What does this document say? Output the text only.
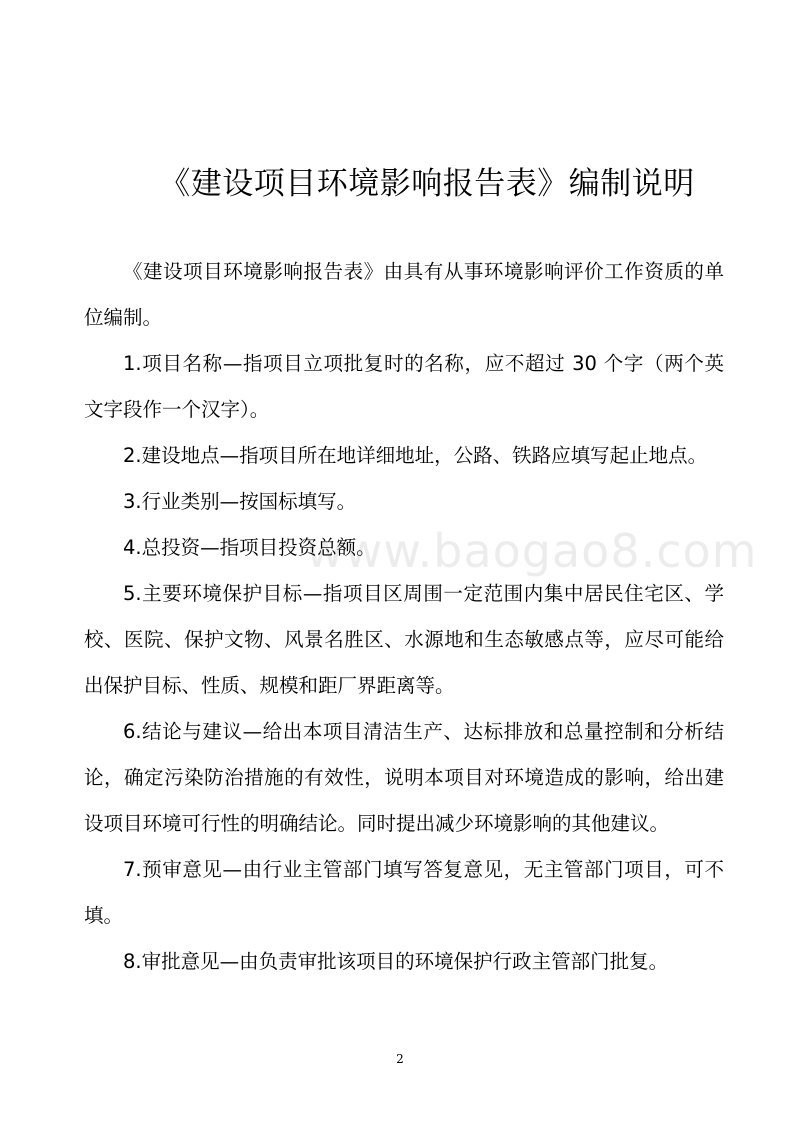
《建设项目环境影响报告表》编制说明

《建设项目环境影响报告表》由具有从事环境影响评价工作资质的单位编制。

1.项目名称—指项目立项批复时的名称，应不超过 30 个字（两个英文字段作一个汉字）。

2.建设地点—指项目所在地详细地址，公路、铁路应填写起止地点。

3.行业类别—按国标填写。

4.总投资—指项目投资总额。

5.主要环境保护目标—指项目区周围一定范围内集中居民住宅区、学校、医院、保护文物、风景名胜区、水源地和生态敏感点等，应尽可能给出保护目标、性质、规模和距厂界距离等。

6.结论与建议—给出本项目清洁生产、达标排放和总量控制和分析结论，确定污染防治措施的有效性，说明本项目对环境造成的影响，给出建设项目环境可行性的明确结论。同时提出减少环境影响的其他建议。

7.预审意见—由行业主管部门填写答复意见，无主管部门项目，可不填。

8.审批意见—由负责审批该项目的环境保护行政主管部门批复。

www.baogao8.com
2
